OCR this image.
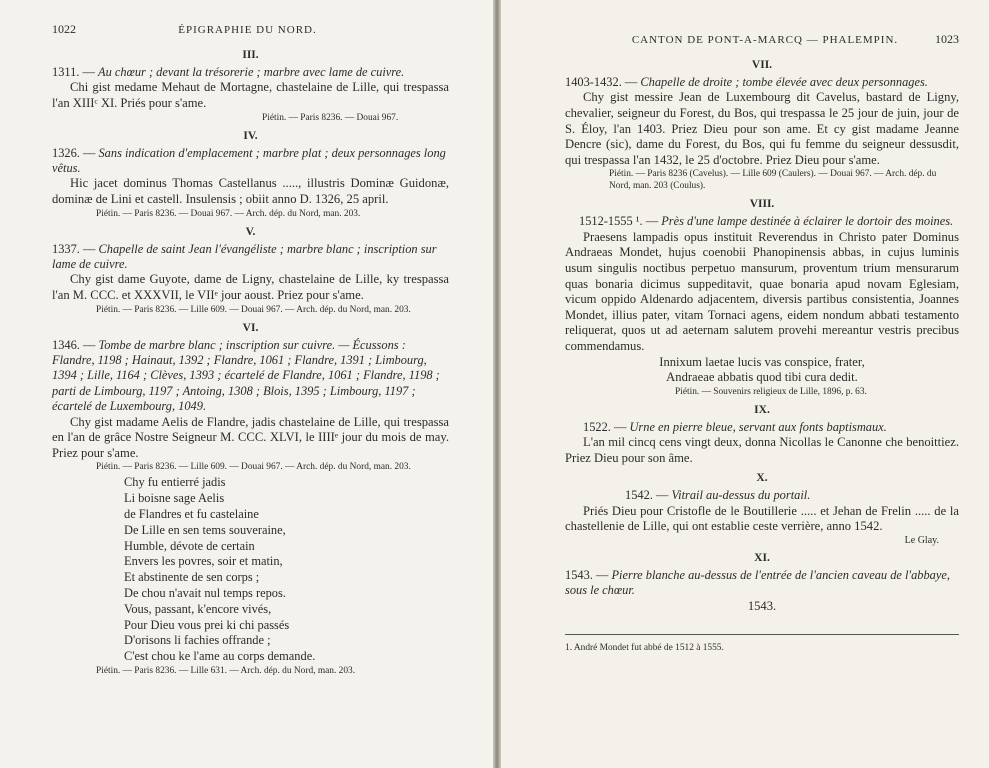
1022	ÉPIGRAPHIE DU NORD.
III.
1311. — Au chœur ; devant la trésorerie ; marbre avec lame de cuivre.
Chi gist medame Mehaut de Mortagne, chastelaine de Lille, qui trespassa l'an XIIIᶜ XI. Priés pour s'ame.
Piétin. — Paris 8236. — Douai 967.
IV.
1326. — Sans indication d'emplacement ; marbre plat ; deux personnages long vêtus.
Hic jacet dominus Thomas Castellanus ....., illustris Dominæ Guidonæ, dominæ de Lini et castell. Insulensis ; obiit anno D. 1326, 25 april.
Piétin. — Paris 8236. — Douai 967. — Arch. dép. du Nord, man. 203.
V.
1337. — Chapelle de saint Jean l'évangéliste ; marbre blanc ; inscription sur lame de cuivre.
Chy gist dame Guyote, dame de Ligny, chastelaine de Lille, ky trespassa l'an M. CCC. et XXXVII, le VIIᵉ jour aoust. Priez pour s'ame.
Piétin. — Paris 8236. — Lille 609. — Douai 967. — Arch. dép. du Nord, man. 203.
VI.
1346. — Tombe de marbre blanc ; inscription sur cuivre. — Écussons : Flandre, 1198 ; Hainaut, 1392 ; Flandre, 1061 ; Flandre, 1391 ; Limbourg, 1394 ; Lille, 1164 ; Clèves, 1393 ; écartelé de Flandre, 1061 ; Flandre, 1198 ; parti de Limbourg, 1197 ; Antoing, 1308 ; Blois, 1395 ; Limbourg, 1197 ; écartelé de Luxembourg, 1049.
Chy gist madame Aelis de Flandre, jadis chastelaine de Lille, qui trespassa en l'an de grâce Nostre Seigneur M. CCC. XLVI, le IIIIᵉ jour du mois de may. Priez pour s'ame.
Piétin. — Paris 8236. — Lille 609. — Douai 967. — Arch. dép. du Nord, man. 203.
Chy fu entierré jadis
Li boisne sage Aelis
de Flandres et fu castelaine
De Lille en sen tems souveraine,
Humble, dévote de certain
Envers les povres, soir et matin,
Et abstinente de sen corps ;
De chou n'avait nul temps repos.
Vous, passant, k'encore vivés,
Pour Dieu vous prei ki chi passés
D'orisons li fachies offrande ;
C'est chou ke l'ame au corps demande.
Piétin. — Paris 8236. — Lille 631. — Arch. dép. du Nord, man. 203.
CANTON DE PONT-A-MARCQ — PHALEMPIN.	1023
VII.
1403-1432. — Chapelle de droite ; tombe élevée avec deux personnages.
Chy gist messire Jean de Luxembourg dit Cavelus, bastard de Ligny, chevalier, seigneur du Forest, du Bos, qui trespassa le 25 jour de juin, jour de S. Éloy, l'an 1403. Priez Dieu pour son ame. Et cy gist madame Jeanne Dencre (sic), dame du Forest, du Bos, qui fu femme du seigneur dessusdit, qui trespassa l'an 1432, le 25 d'octobre. Priez Dieu pour s'ame.
Piétin. — Paris 8236 (Cavelus). — Lille 609 (Caulers). — Douai 967. — Arch. dép. du Nord, man. 203 (Coulus).
VIII.
1512-1555 ¹. — Près d'une lampe destinée à éclairer le dortoir des moines.
Praesens lampadis opus instituit Reverendus in Christo pater Dominus Andraeas Mondet, hujus coenobii Phanopinensis abbas, in cujus luminis usum singulis noctibus perpetuo mansurum, proventum trium mensurarum quas bonaria dicimus suppeditavit, quae bonaria apud novam Eglesiam, vicum oppido Aldenardo adjacentem, diversis partibus consistentia, Joannes Mondet, illius pater, vitam Tornaci agens, eidem nondum abbati testamento reliquerat, quos ut ad aeternam salutem provehi mereantur vestris precibus commendamus.
Innixum laetae lucis vas conspice, frater,
Andraeae abbatis quod tibi cura dedit.
Piétin. — Souvenirs religieux de Lille, 1896, p. 63.
IX.
1522. — Urne en pierre bleue, servant aux fonts baptismaux.
L'an mil cincq cens vingt deux, donna Nicollas le Canonne che benoittiez. Priez Dieu pour son âme.
X.
1542. — Vitrail au-dessus du portail.
Priés Dieu pour Cristofle de le Boutillerie ..... et Jehan de Frelin ..... de la chastellenie de Lille, qui ont establie ceste verrière, anno 1542.
Le Glay.
XI.
1543. — Pierre blanche au-dessus de l'entrée de l'ancien caveau de l'abbaye, sous le chœur.
1543.
1. André Mondet fut abbé de 1512 à 1555.
